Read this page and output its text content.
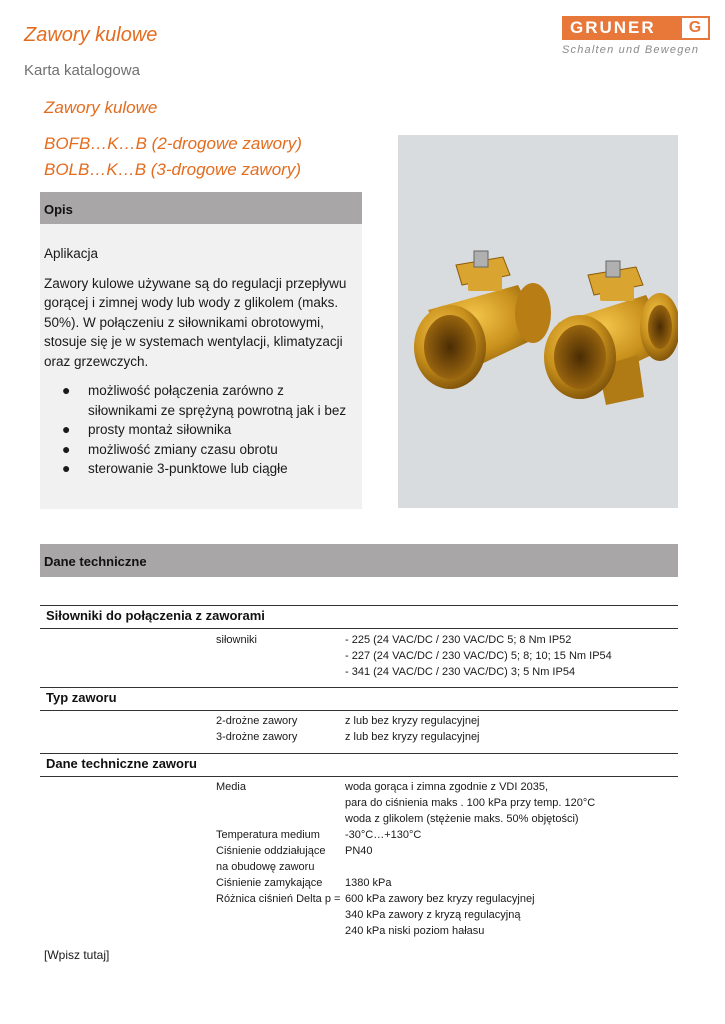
Zawory kulowe
Karta katalogowa
GRUNER	G
Schalten und Bewegen
Zawory kulowe
BOFB…K…B (2-drogowe zawory)
BOLB…K…B (3-drogowe zawory)
Opis
Aplikacja
Zawory kulowe używane są do regulacji przepływu gorącej i zimnej wody lub wody z glikolem (maks. 50%). W połączeniu z siłownikami obrotowymi, stosuje się je w systemach wentylacji, klimatyzacji oraz grzewczych.
● możliwość połączenia zarówno z siłownikami ze sprężyną powrotną jak i bez
● prosty montaż siłownika
● możliwość zmiany czasu obrotu
● sterowanie 3-punktowe lub ciągłe
Dane techniczne
Siłowniki do połączenia z zaworami
siłowniki	- 225 (24 VAC/DC / 230 VAC/DC 5; 8 Nm IP52
- 227 (24 VAC/DC / 230 VAC/DC) 5; 8; 10; 15 Nm IP54
- 341 (24 VAC/DC / 230 VAC/DC) 3; 5 Nm IP54
Typ zaworu
2-drożne zawory	z lub bez kryzy regulacyjnej
3-drożne zawory	z lub bez kryzy regulacyjnej
Dane techniczne zaworu
Media	woda gorąca i zimna zgodnie z VDI 2035,
para do ciśnienia maks . 100 kPa przy temp. 120°C
woda z glikolem (stężenie maks. 50% objętości)
Temperatura medium -30°C…+130°C
Ciśnienie oddziałujące PN40
na obudowę zaworu
Ciśnienie zamykające 1380 kPa
Różnica ciśnień Delta p = 600 kPa zawory bez kryzy regulacyjnej
340 kPa zawory z kryzą regulacyjną
240 kPa niski poziom hałasu
[Wpisz tutaj]
